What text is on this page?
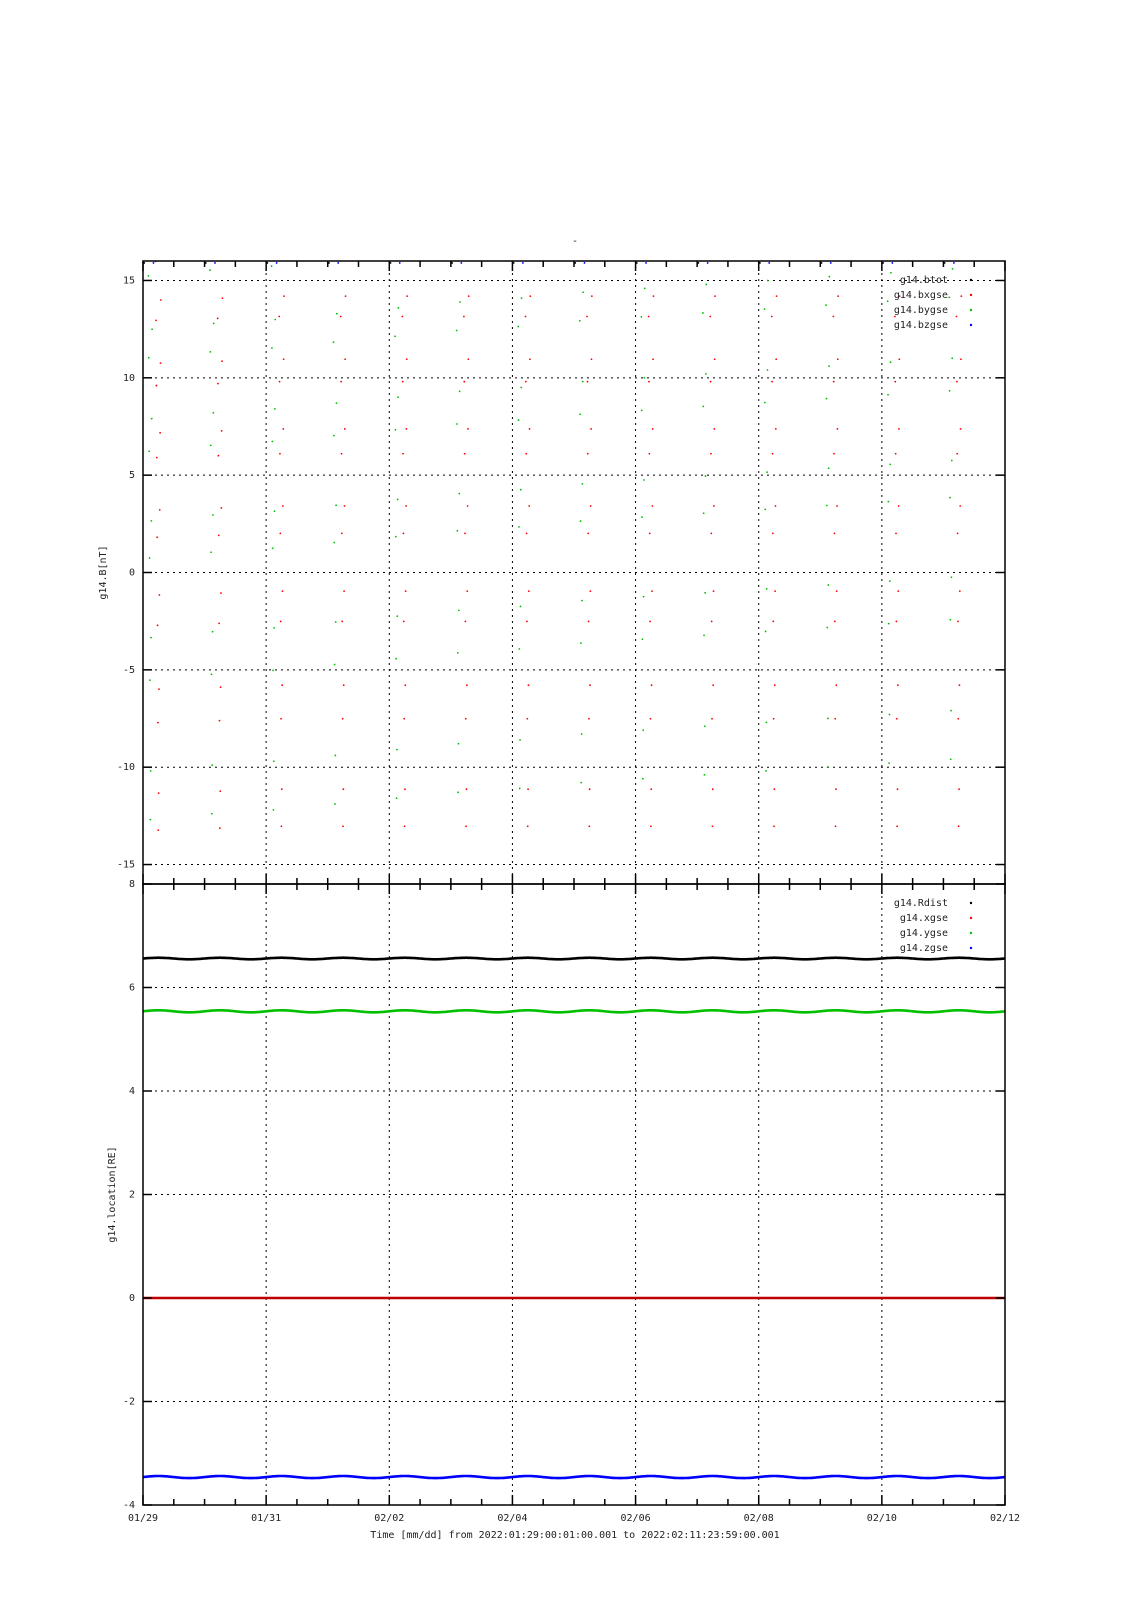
-
-15
-10
-5
0
5
10
15	g14.btot
g14.bxgse
g14.bygse
g14.bzgse
g14.B[nT]
-4
-2
0
2
4
6
8
g14.Rdist
g14.xgse
g14.ygse
g14.zgse
g14.location[RE]
01/29	01/31	02/02	02/04	02/06	02/08	02/10	02/12
Time [mm/dd] from 2022:01:29:00:01:00.001 to 2022:02:11:23:59:00.001
